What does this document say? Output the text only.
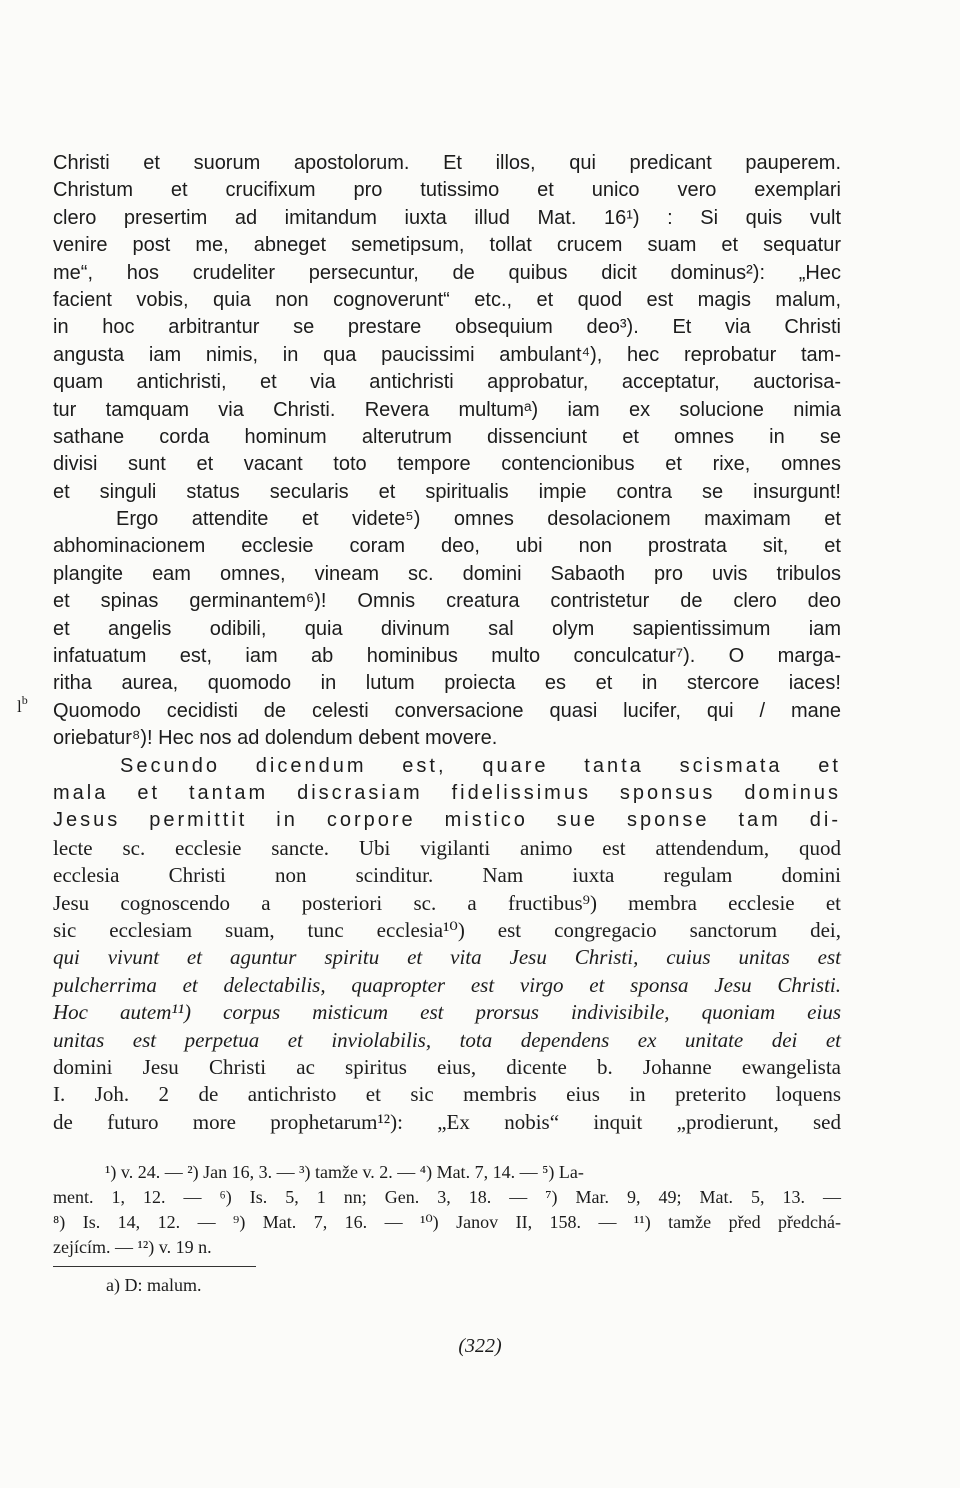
$l^b$
Christi et suorum apostolorum. Et illos, qui predicant pauperem.
Christum et crucifixum pro tutissimo et unico vero exemplari
clero presertim ad imitandum iuxta illud Mat. 16¹) : Si quis vult
venire post me, abneget semetipsum, tollat crucem suam et sequatur
me“, hos crudeliter persecuntur, de quibus dicit dominus²): „Hec
facient vobis, quia non cognoverunt“ etc., et quod est magis malum,
in hoc arbitrantur se prestare obsequium deo³). Et via Christi
angusta iam nimis, in qua paucissimi ambulant⁴), hec reprobatur tam-
quam antichristi, et via antichristi approbatur, acceptatur, auctorisa-
tur tamquam via Christi. Revera multumᵃ) iam ex solucione nimia
sathane corda hominum alterutrum dissenciunt et omnes in se
divisi sunt et vacant toto tempore contencionibus et rixe, omnes
et singuli status secularis et spiritualis impie contra se insurgunt!
Ergo attendite et videte⁵) omnes desolacionem maximam et
abhominacionem ecclesie coram deo, ubi non prostrata sit, et
plangite eam omnes, vineam sc. domini Sabaoth pro uvis tribulos
et spinas germinantem⁶)! Omnis creatura contristetur de clero deo
et angelis odibili, quia divinum sal olym sapientissimum iam
infatuatum est, iam ab hominibus multo conculcatur⁷). O marga-
ritha aurea, quomodo in lutum proiecta es et in stercore iaces!
Quomodo cecidisti de celesti conversacione quasi lucifer, qui / mane
oriebatur⁸)! Hec nos ad dolendum debent movere.
Secundo dicendum est, quare tanta scismata et
mala et tantam discrasiam fidelissimus sponsus dominus
Jesus permittit in corpore mistico sue sponse tam di-
lecte sc. ecclesie sancte. Ubi vigilanti animo est attendendum, quod
ecclesia Christi non scinditur. Nam iuxta regulam domini
Jesu cognoscendo a posteriori sc. a fructibus⁹) membra ecclesie et
sic ecclesiam suam, tunc ecclesia¹⁰) est congregacio sanctorum dei,
qui vivunt et aguntur spiritu et vita Jesu Christi, cuius unitas est
pulcherrima et delectabilis, quapropter est virgo et sponsa Jesu Christi.
Hoc autem¹¹) corpus misticum est prorsus indivisibile, quoniam eius
unitas est perpetua et inviolabilis, tota dependens ex unitate dei et
domini Jesu Christi ac spiritus eius, dicente b. Johanne ewangelista
I. Joh. 2 de antichristo et sic membris eius in preterito loquens
de futuro more prophetarum¹²): „Ex nobis“ inquit „prodierunt, sed
¹) v. 24. — ²) Jan 16, 3. — ³) tamže v. 2. — ⁴) Mat. 7, 14. — ⁵) La-
ment. 1, 12. — ⁶) Is. 5, 1 nn; Gen. 3, 18. — ⁷) Mar. 9, 49; Mat. 5, 13. —
⁸) Is. 14, 12. — ⁹) Mat. 7, 16. — ¹⁰) Janov II, 158. — ¹¹) tamže před předchá-
zejícím. — ¹²) v. 19 n.
a) D: malum.
(322)
